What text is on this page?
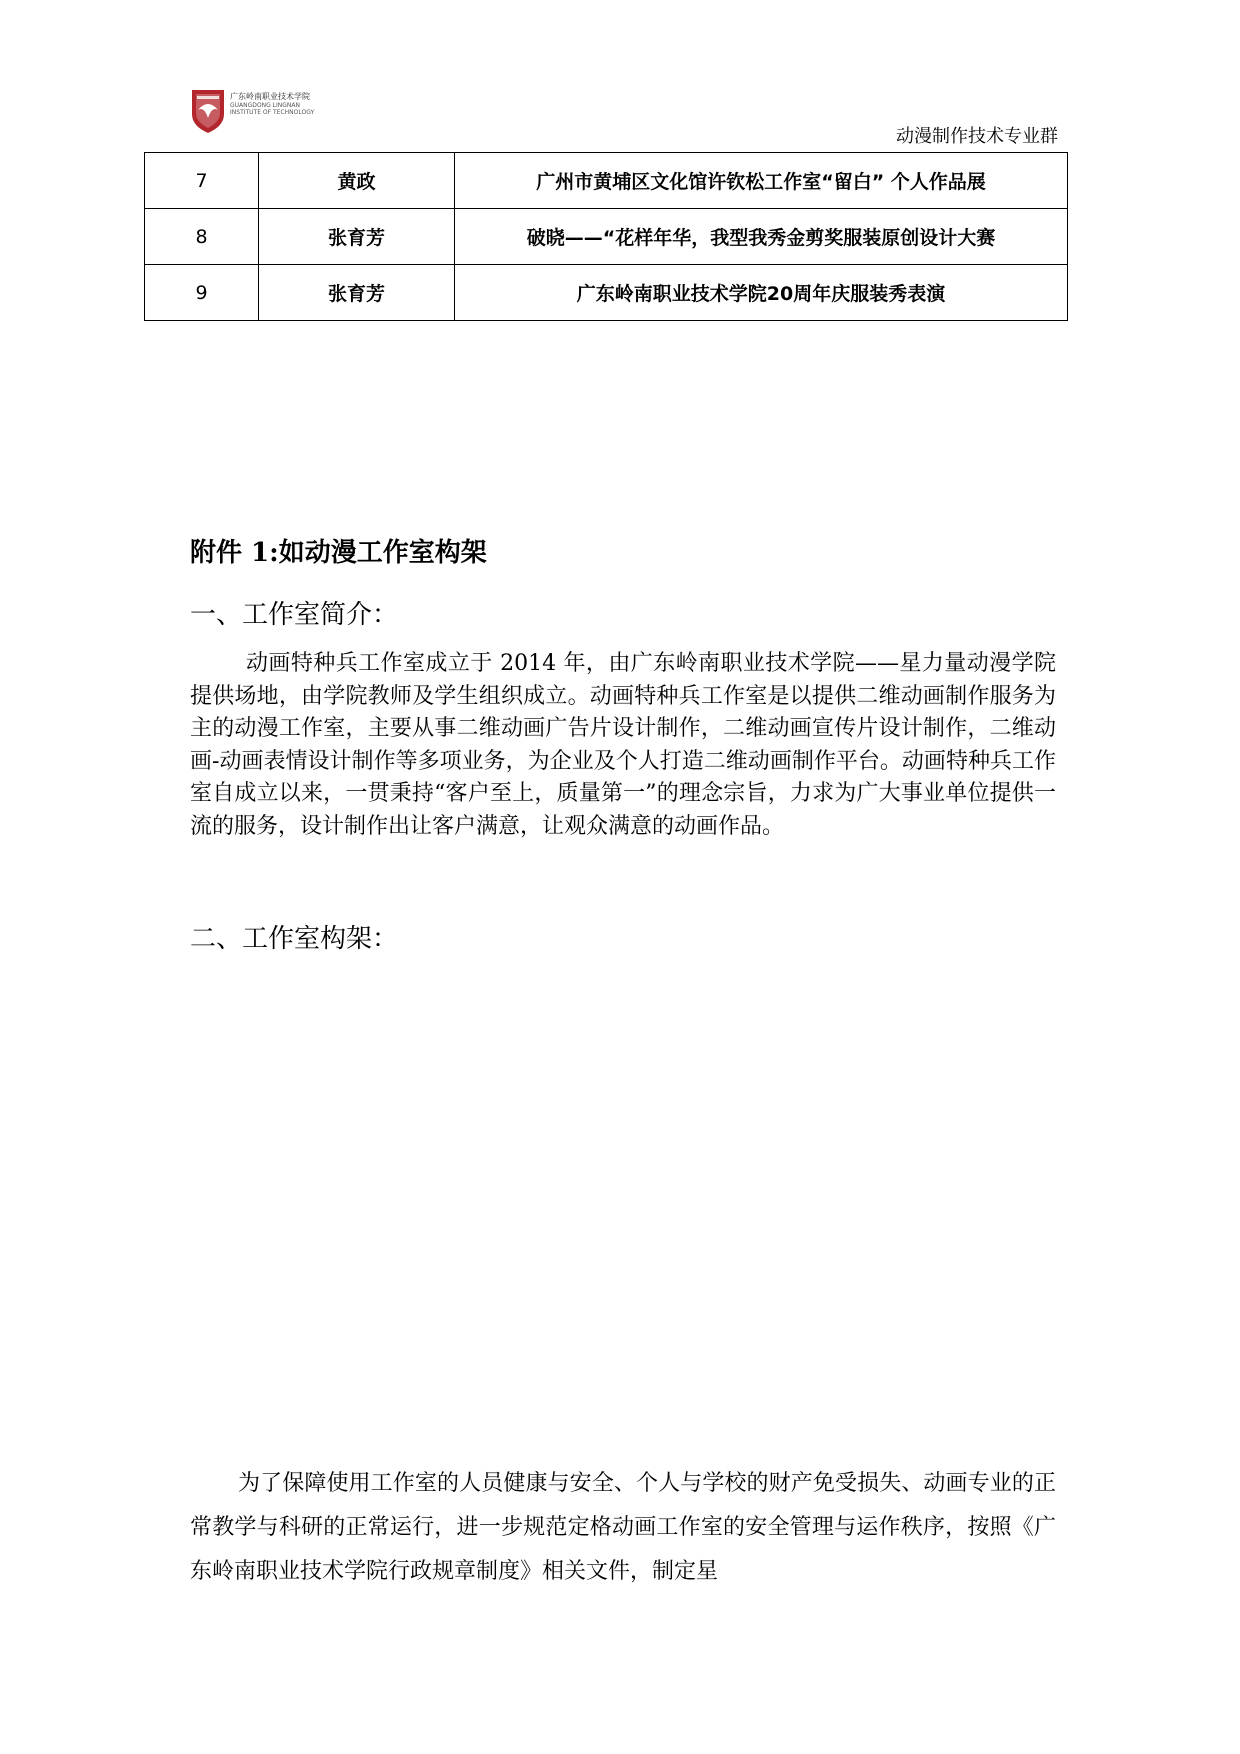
广东岭南职业技术学院
GUANGDONG LINGNAN
INSTITUTE OF TECHNOLOGY
动漫制作技术专业群
7	黄政	广州市黄埔区文化馆许钦松工作室“留白” 个人作品展
8	张育芳	破晓——“花样年华，我型我秀金剪奖服装原创设计大赛
9	张育芳	广东岭南职业技术学院20周年庆服装秀表演
附件 1:如动漫工作室构架
一、工作室简介：
动画特种兵工作室成立于 2014 年，由广东岭南职业技术学院——星力量动漫学院提供场地，由学院教师及学生组织成立。动画特种兵工作室是以提供二维动画制作服务为主的动漫工作室，主要从事二维动画广告片设计制作，二维动画宣传片设计制作，二维动画-动画表情设计制作等多项业务，为企业及个人打造二维动画制作平台。动画特种兵工作室自成立以来，一贯秉持“客户至上，质量第一”的理念宗旨，力求为广大事业单位提供一流的服务，设计制作出让客户满意，让观众满意的动画作品。
二、工作室构架：
为了保障使用工作室的人员健康与安全、个人与学校的财产免受损失、动画专业的正常教学与科研的正常运行，进一步规范定格动画工作室的安全管理与运作秩序，按照《广东岭南职业技术学院行政规章制度》相关文件，制定星
